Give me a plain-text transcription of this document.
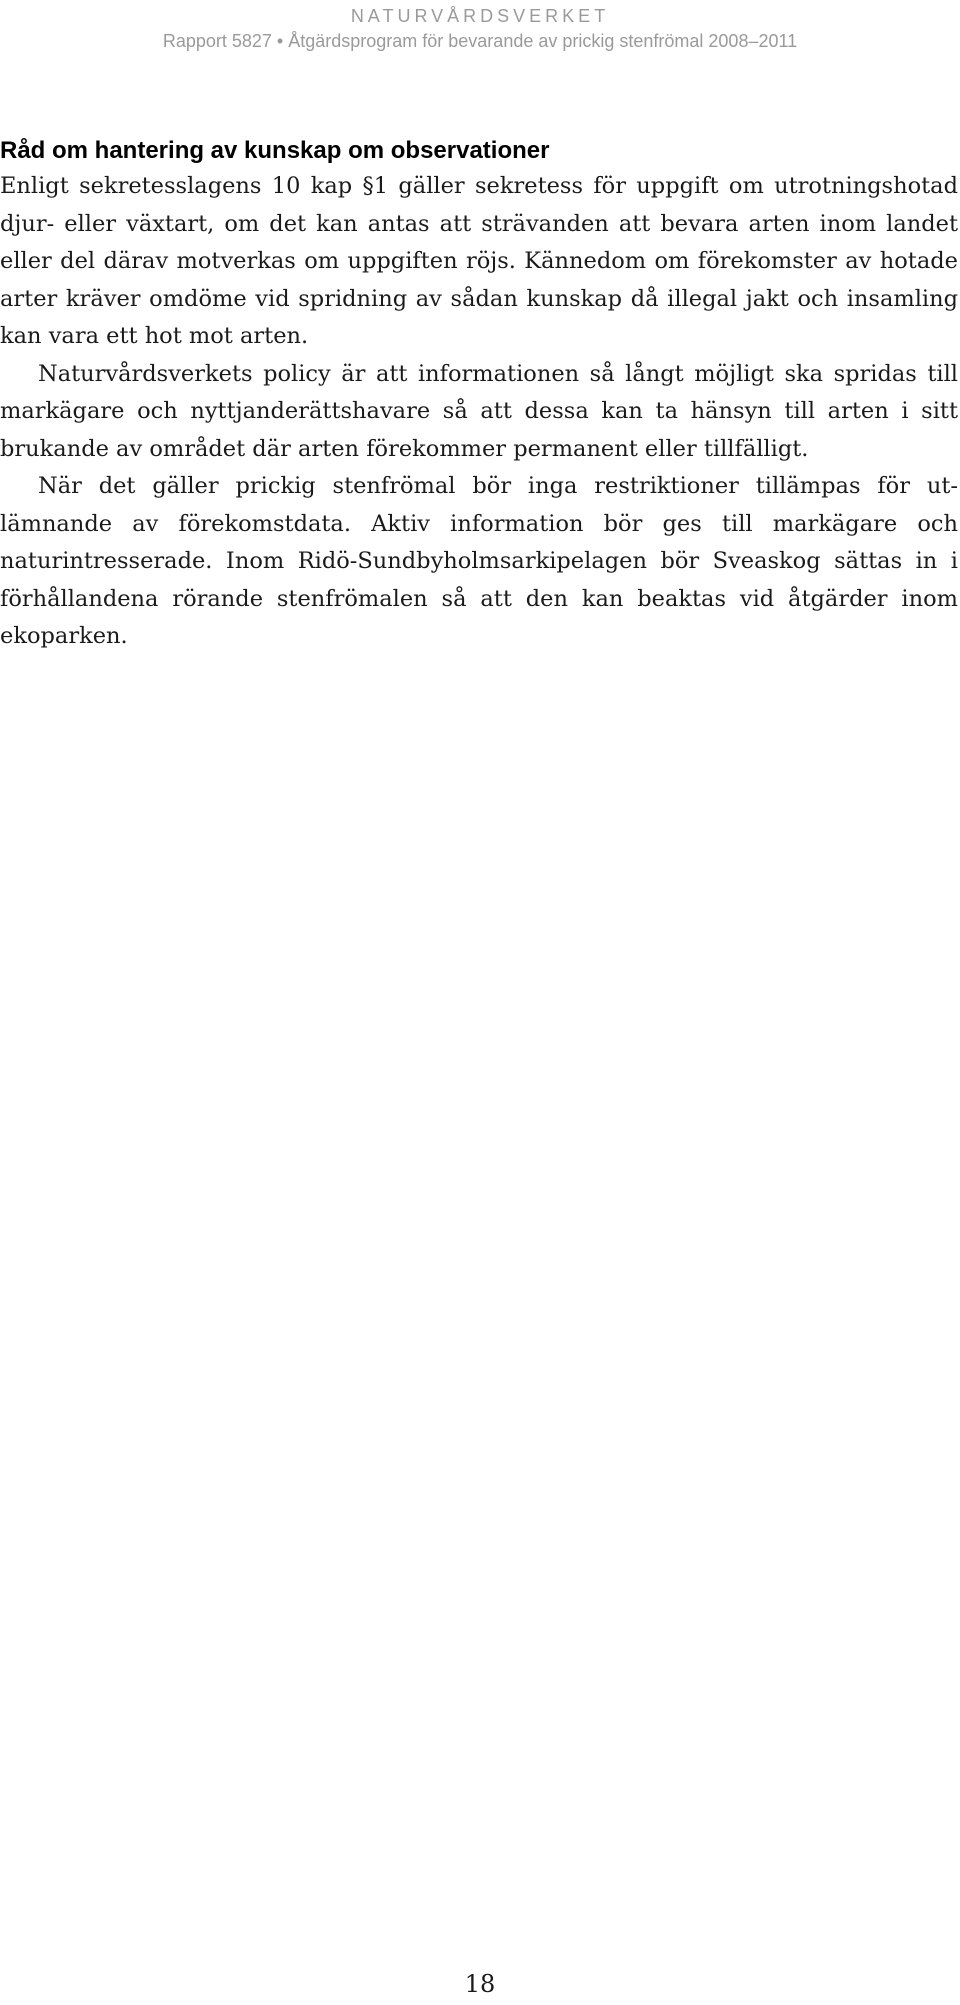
NATURVÅRDSVERKET

Rapport 5827 • Åtgärdsprogram för bevarande av prickig stenfrömal 2008–2011

Råd om hantering av kunskap om observationer

Enligt sekretesslagens 10 kap §1 gäller sekretess för uppgift om utrotningshotad djur- eller växtart, om det kan antas att strävanden att bevara arten inom landet eller del därav motverkas om uppgiften röjs. Kännedom om förekomster av hotade arter kräver omdöme vid spridning av sådan kunskap då illegal jakt och insamling kan vara ett hot mot arten.

Naturvårdsverkets policy är att informationen så långt möjligt ska spridas till markägare och nyttjanderättshavare så att dessa kan ta hänsyn till arten i sitt brukande av området där arten förekommer permanent eller tillfälligt.

När det gäller prickig stenfrömal bör inga restriktioner tillämpas för utlämnande av förekomstdata. Aktiv information bör ges till markägare och naturintresserade. Inom Ridö-Sundbyholmsarkipelagen bör Sveaskog sättas in i förhållandena rörande stenfrömalen så att den kan beaktas vid åtgärder inom ekoparken.

18
